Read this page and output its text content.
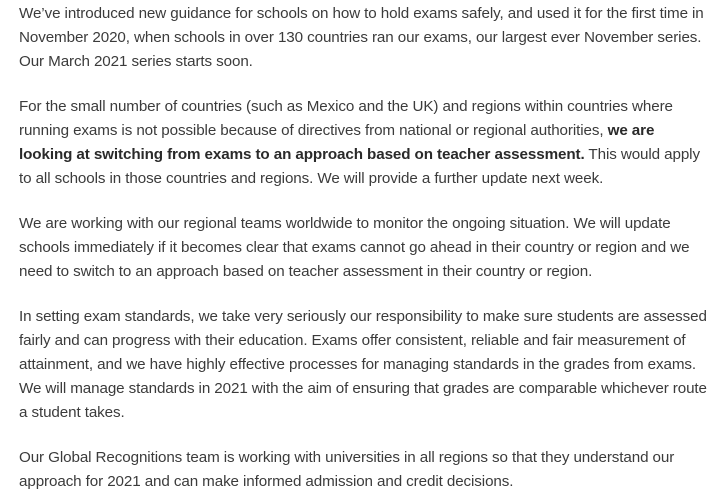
We’ve introduced new guidance for schools on how to hold exams safely, and used it for the first time in November 2020, when schools in over 130 countries ran our exams, our largest ever November series. Our March 2021 series starts soon.

For the small number of countries (such as Mexico and the UK) and regions within countries where running exams is not possible because of directives from national or regional authorities, we are looking at switching from exams to an approach based on teacher assessment. This would apply to all schools in those countries and regions. We will provide a further update next week.

We are working with our regional teams worldwide to monitor the ongoing situation. We will update schools immediately if it becomes clear that exams cannot go ahead in their country or region and we need to switch to an approach based on teacher assessment in their country or region.

In setting exam standards, we take very seriously our responsibility to make sure students are assessed fairly and can progress with their education. Exams offer consistent, reliable and fair measurement of attainment, and we have highly effective processes for managing standards in the grades from exams. We will manage standards in 2021 with the aim of ensuring that grades are comparable whichever route a student takes.

Our Global Recognitions team is working with universities in all regions so that they understand our approach for 2021 and can make informed admission and credit decisions.
